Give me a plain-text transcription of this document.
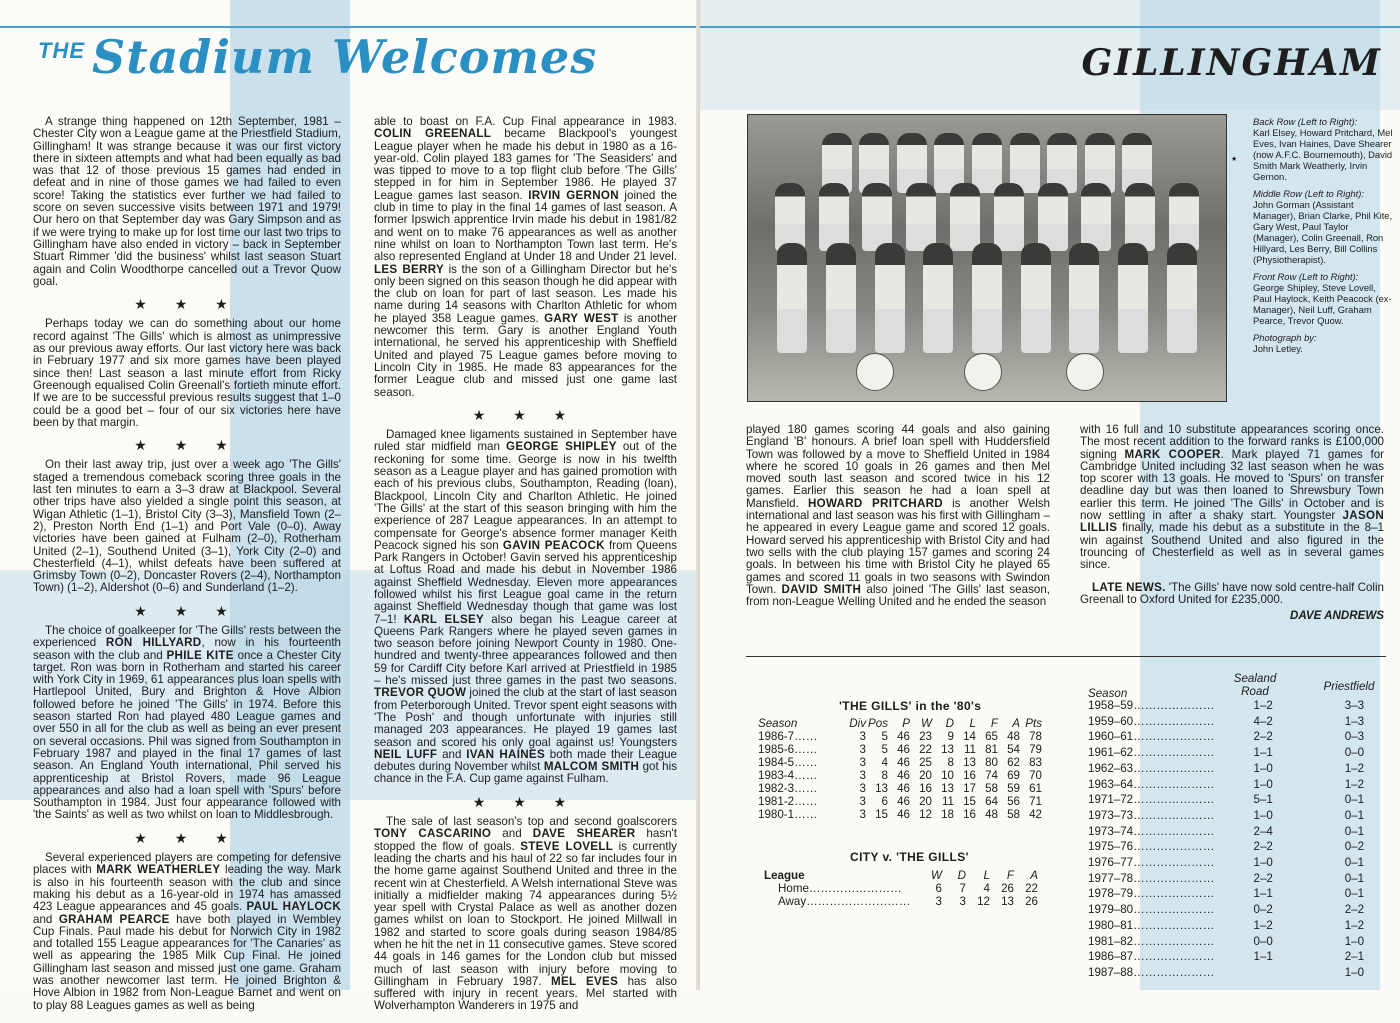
THE Stadium Welcomes

A strange thing happened on 12th September, 1981 – Chester City won a League game at the Priestfield Stadium, Gillingham! It was strange because it was our first victory there in sixteen attempts and what had been equally as bad was that 12 of those previous 15 games had ended in defeat and in nine of those games we had failed to even score! Taking the statistics ever further we had failed to score on seven successive visits between 1971 and 1979! Our hero on that September day was Gary Simpson and as if we were trying to make up for lost time our last two trips to Gillingham have also ended in victory – back in September Stuart Rimmer 'did the business' whilst last season Stuart again and Colin Woodthorpe cancelled out a Trevor Quow goal.

★ ★ ★

Perhaps today we can do something about our home record against 'The Gills' which is almost as unimpressive as our previous away efforts. Our last victory here was back in February 1977 and six more games have been played since then! Last season a last minute effort from Ricky Greenough equalised Colin Greenall's fortieth minute effort. If we are to be successful previous results suggest that 1–0 could be a good bet – four of our six victories here have been by that margin.

★ ★ ★

On their last away trip, just over a week ago 'The Gills' staged a tremendous comeback scoring three goals in the last ten minutes to earn a 3–3 draw at Blackpool. Several other trips have also yielded a single point this season, at Wigan Athletic (1–1), Bristol City (3–3), Mansfield Town (2–2), Preston North End (1–1) and Port Vale (0–0). Away victories have been gained at Fulham (2–0), Rotherham United (2–1), Southend United (3–1), York City (2–0) and Chesterfield (4–1), whilst defeats have been suffered at Grimsby Town (0–2), Doncaster Rovers (2–4), Northampton Town) (1–2), Aldershot (0–6) and Sunderland (1–2).

★ ★ ★

The choice of goalkeeper for 'The Gills' rests between the experienced RON HILLYARD, now in his fourteenth season with the club and PHILE KITE once a Chester City target. Ron was born in Rotherham and started his career with York City in 1969, 61 appearances plus loan spells with Hartlepool United, Bury and Brighton & Hove Albion followed before he joined 'The Gills' in 1974. Before this season started Ron had played 480 League games and over 550 in all for the club as well as being an ever present on several occasions. Phil was signed from Southampton in February 1987 and played in the final 17 games of last season. An England Youth international, Phil served his apprenticeship at Bristol Rovers, made 96 League appearances and also had a loan spell with 'Spurs' before Southampton in 1984. Just four appearance followed with 'the Saints' as well as two whilst on loan to Middlesbrough.

★ ★ ★

Several experienced players are competing for defensive places with MARK WEATHERLEY leading the way. Mark is also in his fourteenth season with the club and since making his debut as a 16-year-old in 1974 has amassed 423 League appearances and 45 goals. PAUL HAYLOCK and GRAHAM PEARCE have both played in Wembley Cup Finals. Paul made his debut for Norwich City in 1982 and totalled 155 League appearances for 'The Canaries' as well as appearing the 1985 Milk Cup Final. He joined Gillingham last season and missed just one game. Graham was another newcomer last term. He joined Brighton & Hove Albion in 1982 from Non-League Barnet and went on to play 88 Leagues games as well as being

able to boast on F.A. Cup Final appearance in 1983. COLIN GREENALL became Blackpool's youngest League player when he made his debut in 1980 as a 16-year-old. Colin played 183 games for 'The Seasiders' and was tipped to move to a top flight club before 'The Gills' stepped in for him in September 1986. He played 37 League games last season. IRVIN GERNON joined the club in time to play in the final 14 games of last season. A former Ipswich apprentice Irvin made his debut in 1981/82 and went on to make 76 appearances as well as another nine whilst on loan to Northampton Town last term. He's also represented England at Under 18 and Under 21 level. LES BERRY is the son of a Gillingham Director but he's only been signed on this season though he did appear with the club on loan for part of last season. Les made his name during 14 seasons with Charlton Athletic for whom he played 358 League games. GARY WEST is another newcomer this term. Gary is another England Youth international, he served his apprenticeship with Sheffield United and played 75 League games before moving to Lincoln City in 1985. He made 83 appearances for the former League club and missed just one game last season.

★ ★ ★

Damaged knee ligaments sustained in September have ruled star midfield man GEORGE SHIPLEY out of the reckoning for some time. George is now in his twelfth season as a League player and has gained promotion with each of his previous clubs, Southampton, Reading (loan), Blackpool, Lincoln City and Charlton Athletic. He joined 'The Gills' at the start of this season bringing with him the experience of 287 League appearances. In an attempt to compensate for George's absence former manager Keith Peacock signed his son GAVIN PEACOCK from Queens Park Rangers in October! Gavin served his apprenticeship at Loftus Road and made his debut in November 1986 against Sheffield Wednesday. Eleven more appearances followed whilst his first League goal came in the return against Sheffield Wednesday though that game was lost 7–1! KARL ELSEY also began his League career at Queens Park Rangers where he played seven games in two season before joining Newport County in 1980. One-hundred and twenty-three appearances followed and then 59 for Cardiff City before Karl arrived at Priestfield in 1985 – he's missed just three games in the past two seasons. TREVOR QUOW joined the club at the start of last season from Peterborough United. Trevor spent eight seasons with 'The Posh' and though unfortunate with injuries still managed 203 appearances. He played 19 games last season and scored his only goal against us! Youngsters NEIL LUFF and IVAN HAINES both made their League debutes during November whilst MALCOM SMITH got his chance in the F.A. Cup game against Fulham.

★ ★ ★

The sale of last season's top and second goalscorers TONY CASCARINO and DAVE SHEARER hasn't stopped the flow of goals. STEVE LOVELL is currently leading the charts and his haul of 22 so far includes four in the home game against Southend United and three in the recent win at Chesterfield. A Welsh international Steve was initially a midfielder making 74 appearances during 5½ year spell with Crystal Palace as well as another dozen games whilst on loan to Stockport. He joined Millwall in 1982 and started to score goals during season 1984/85 when he hit the net in 11 consecutive games. Steve scored 44 goals in 146 games for the London club but missed much of last season with injury before moving to Gillingham in February 1987. MEL EVES has also suffered with injury in recent years. Mel started with Wolverhampton Wanderers in 1975 and

GILLINGHAM
★

Back Row (Left to Right):
Karl Elsey, Howard Pritchard, Mel Eves, Ivan Haines, Dave Shearer (now A.F.C. Bournemouth), David Smith Mark Weatherly, Irvin Gernon.

Middle Row (Left to Right):
John Gorman (Assistant Manager), Brian Clarke, Phil Kite, Gary West, Paul Taylor (Manager), Colin Greenall, Ron Hillyard, Les Berry, Bill Collins (Physiotherapist).

Front Row (Left to Right):
George Shipley, Steve Lovell, Paul Haylock, Keith Peacock (ex-Manager), Neil Luff, Graham Pearce, Trevor Quow.

Photograph by:
John Letley.

played 180 games scoring 44 goals and also gaining England 'B' honours. A brief loan spell with Huddersfield Town was followed by a move to Sheffield United in 1984 where he scored 10 goals in 26 games and then Mel moved south last season and scored twice in his 12 games. Earlier this season he had a loan spell at Mansfield. HOWARD PRITCHARD is another Welsh international and last season was his first with Gillingham – he appeared in every League game and scored 12 goals. Howard served his apprenticeship with Bristol City and had two sells with the club playing 157 games and scoring 24 goals. In between his time with Bristol City he played 65 games and scored 11 goals in two seasons with Swindon Town. DAVID SMITH also joined 'The Gills' last season, from non-League Welling United and he ended the season

with 16 full and 10 substitute appearances scoring once. The most recent addition to the forward ranks is £100,000 signing MARK COOPER. Mark played 71 games for Cambridge United including 32 last season when he was top scorer with 13 goals. He moved to 'Spurs' on transfer deadline day but was then loaned to Shrewsbury Town earlier this term. He joined 'The Gills' in October and is now settling in after a shaky start. Youngster JASON LILLIS finally, made his debut as a substitute in the 8–1 win against Southend United and also figured in the trouncing of Chesterfield as well as in several games since.

LATE NEWS. 'The Gills' have now sold centre-half Colin Greenall to Oxford United for £235,000.

DAVE ANDREWS
'THE GILLS' in the '80's
Season	Div	Pos	P	W	D	L	F	A	Pts
1986-7……	3	5	46	23	9	14	65	48	78
1985-6……	3	5	46	22	13	11	81	54	79
1984-5……	3	4	46	25	8	13	80	62	83
1983-4……	3	8	46	20	10	16	74	69	70
1982-3……	3	13	46	16	13	17	58	59	61
1981-2……	3	6	46	20	11	15	64	56	71
1980-1……	3	15	46	12	18	16	48	58	42
CITY v. 'THE GILLS'
League	W	D	L	F	A
Home……………………	6	7	4	26	22
Away………………………	3	3	12	13	26
Season
Sealand Road	Priestfield
1958–59…………………	1–2	3–3
1959–60…………………	4–2	1–3
1960–61…………………	2–2	0–3
1961–62…………………	1–1	0–0
1962–63…………………	1–0	1–2
1963–64…………………	1–0	1–2
1971–72…………………	5–1	0–1
1973–73…………………	1–0	0–1
1973–74…………………	2–4	0–1
1975–76…………………	2–2	0–2
1976–77…………………	1–0	0–1
1977–78…………………	2–2	0–1
1978–79…………………	1–1	0–1
1979–80…………………	0–2	2–2
1980–81…………………	1–2	1–2
1981–82…………………	0–0	1–0
1986–87…………………	1–1	2–1
1987–88…………………		1–0
